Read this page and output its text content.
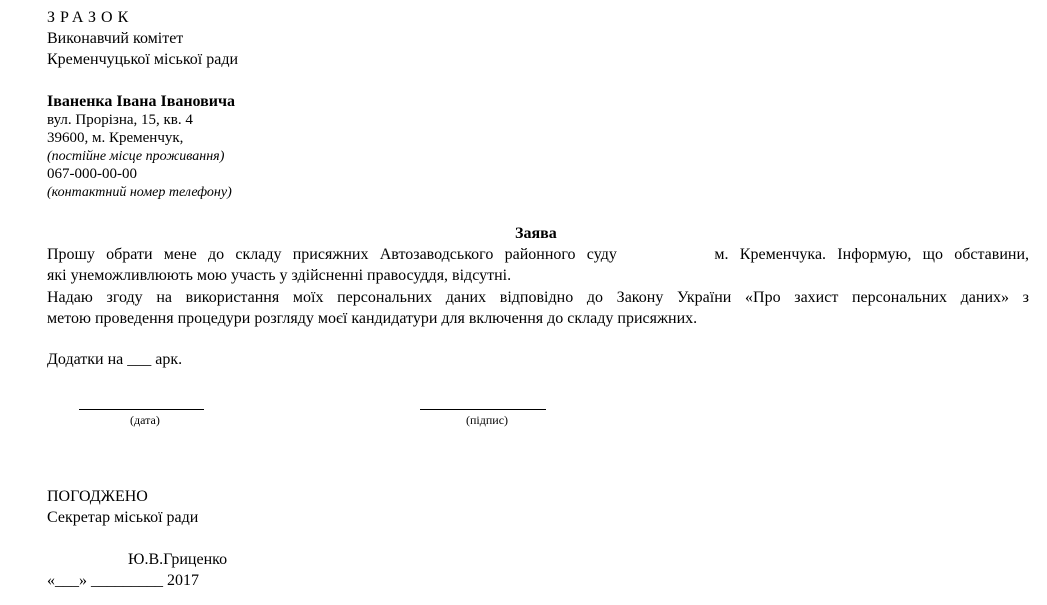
ЗРАЗОК
Виконавчий комітет
Кременчуцької міської ради
Іваненка Івана Івановича
вул. Прорізна, 15, кв. 4
39600, м. Кременчук,
(постійне місце проживання)
067-000-00-00
(контактний номер телефону)
Заява
Прошу обрати мене до складу присяжних Автозаводського районного суду	м. Кременчука. Інформую, що обставини,
які унеможливлюють мою участь у здійсненні правосуддя, відсутні.
Надаю згоду на використання моїх персональних даних відповідно до Закону України «Про захист персональних даних» з
метою проведення процедури розгляду моєї кандидатури для включення до складу присяжних.
Додатки на ___ арк.
(дата)	(підпис)
ПОГОДЖЕНО
Секретар міської ради
Ю.В.Гриценко
«___» _________ 2017
